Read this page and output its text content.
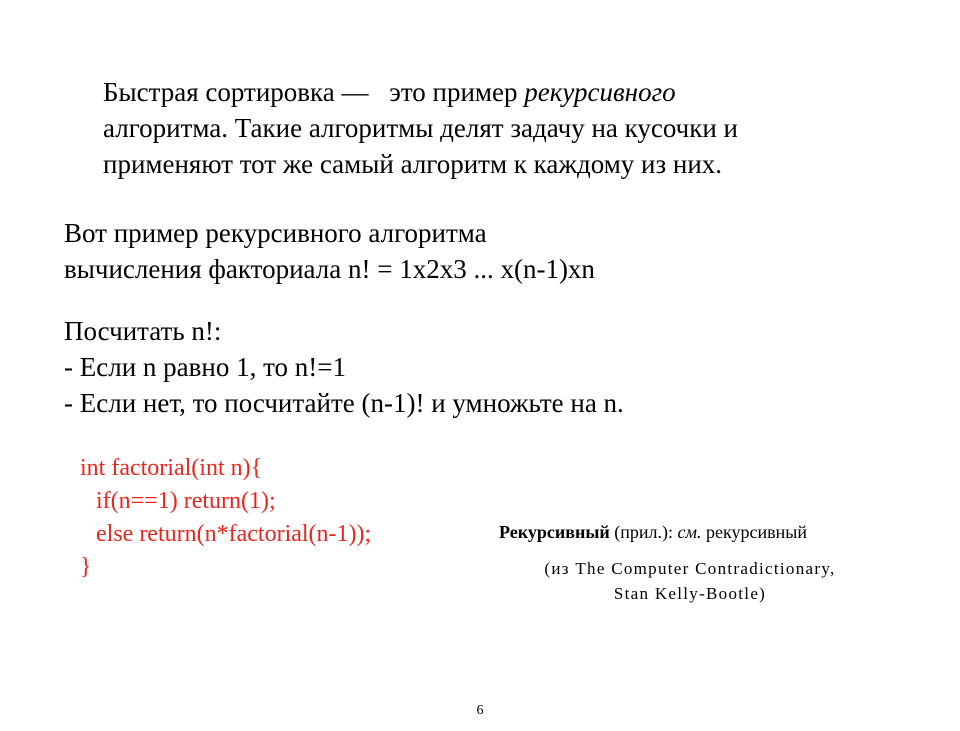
Быстрая сортировка — это пример рекурсивного
алгоритма. Такие алгоритмы делят задачу на кусочки и
применяют тот же самый алгоритм к каждому из них.
Вот пример рекурсивного алгоритма
вычисления факториала n! = 1x2x3 ... x(n-1)xn
Посчитать n!:
- Если n равно 1, то n!=1
- Если нет, то посчитайте (n-1)! и умножьте на n.
int factorial(int n){
if(n==1) return(1);
else return(n*factorial(n-1));
}
Рекурсивный (прил.): см. рекурсивный
(из The Computer Contradictionary,
Stan Kelly-Bootle)
6
